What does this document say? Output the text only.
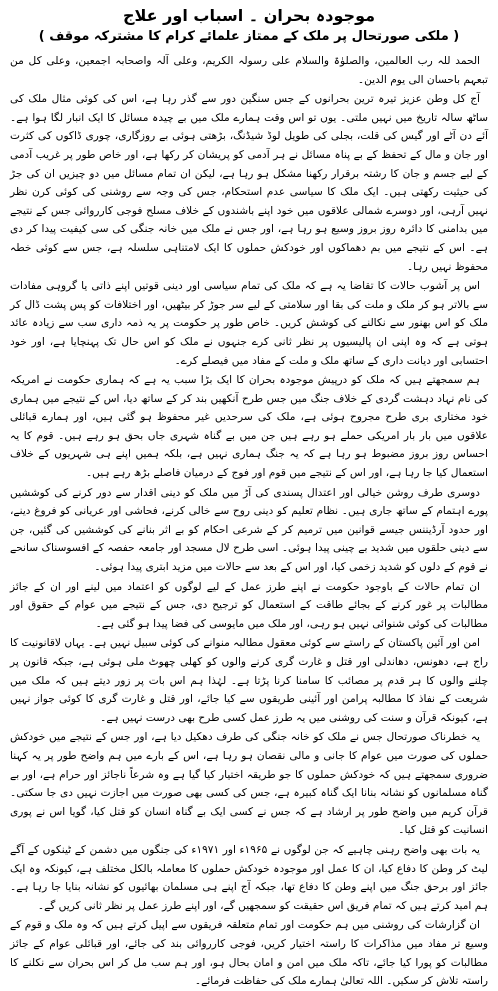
موجودہ بحران ۔ اسباب اور علاج
( ملکی صورتحال پر ملک کے ممتاز علمائے کرام کا مشترکہ موقف )

الحمد للہ رب العالمین، والصلوٰۃ والسلام علی رسولہ الکریم، وعلی آلہ واصحابہ اجمعین، وعلی کل من تبعہم باحسان الی یوم الدین۔

آج کل وطن عزیز تیرہ ترین بحرانوں کے جس سنگین دور سے گذر رہا ہے، اس کی کوئی مثال ملک کی ساٹھ سالہ تاریخ میں نہیں ملتی۔ یوں تو اس وقت ہمارے ملک میں بے چیدہ مسائل کا ایک انبار لگا ہوا ہے۔ آئے دن آٹے اور گیس کی قلت، بجلی کی طویل لوڈ شیڈنگ، بڑھتی ہوئی بے روزگاری، چوری ڈاکوں کی کثرت اور جان و مال کے تحفظ کے بے پناہ مسائل نے ہر آدمی کو پریشان کر رکھا ہے، اور خاص طور پر غریب آدمی کے لیے جسم و جان کا رشتہ برقرار رکھنا مشکل ہو رہا ہے، لیکن ان تمام مسائل میں دو چیزیں ان کی جڑ کی حیثیت رکھتی ہیں۔ ایک ملک کا سیاسی عدم استحکام، جس کی وجہ سے روشنی کی کوئی کرن نظر نہیں آرہی، اور دوسرے شمالی علاقوں میں خود اپنے باشندوں کے خلاف مسلح فوجی کارروائی جس کے نتیجے میں بدامنی کا دائرہ روز بروز وسیع ہو رہا ہے، اور جس نے ملک میں خانہ جنگی کی سی کیفیت پیدا کر دی ہے۔ اس کے نتیجے میں بم دھماکوں اور خودکش حملوں کا ایک لامتناہی سلسلہ ہے، جس سے کوئی خطہ محفوظ نہیں رہا۔

اس پر آشوب حالات کا تقاضا یہ ہے کہ ملک کی تمام سیاسی اور دینی قوتیں اپنے ذاتی یا گروہی مفادات سے بالاتر ہو کر ملک و ملت کی بقا اور سلامتی کے لیے سر جوڑ کر بیٹھیں، اور اختلافات کو پس پشت ڈال کر ملک کو اس بھنور سے نکالنے کی کوشش کریں۔ خاص طور پر حکومت پر یہ ذمہ داری سب سے زیادہ عائد ہوتی ہے کہ وہ اپنی ان پالیسیوں پر نظر ثانی کرے جنہوں نے ملک کو اس حال تک پہنچایا ہے، اور خود احتسابی اور دیانت داری کے ساتھ ملک و ملت کے مفاد میں فیصلے کرے۔

ہم سمجھتے ہیں کہ ملک کو درپیش موجودہ بحران کا ایک بڑا سبب یہ ہے کہ ہماری حکومت نے امریکہ کی نام نہاد دہشت گردی کے خلاف جنگ میں جس طرح آنکھیں بند کر کے ساتھ دیا، اس کے نتیجے میں ہماری خود مختاری بری طرح مجروح ہوئی ہے، ملک کی سرحدیں غیر محفوظ ہو گئی ہیں، اور ہمارے قبائلی علاقوں میں بار بار امریکی حملے ہو رہے ہیں جن میں بے گناہ شہری جاں بحق ہو رہے ہیں۔ قوم کا یہ احساس روز بروز مضبوط ہو رہا ہے کہ یہ جنگ ہماری نہیں ہے، بلکہ ہمیں اپنے ہی شہریوں کے خلاف استعمال کیا جا رہا ہے، اور اس کے نتیجے میں قوم اور فوج کے درمیان فاصلے بڑھ رہے ہیں۔

دوسری طرف روشن خیالی اور اعتدال پسندی کی آڑ میں ملک کو دینی اقدار سے دور کرنے کی کوششیں پورے اہتمام کے ساتھ جاری ہیں۔ نظام تعلیم کو دینی روح سے خالی کرنے، فحاشی اور عریانی کو فروغ دینے، اور حدود آرڈیننس جیسے قوانین میں ترمیم کر کے شرعی احکام کو بے اثر بنانے کی کوششیں کی گئیں، جن سے دینی حلقوں میں شدید بے چینی پیدا ہوئی۔ اسی طرح لال مسجد اور جامعہ حفصہ کے افسوسناک سانحے نے قوم کے دلوں کو شدید زخمی کیا، اور اس کے بعد سے حالات میں مزید ابتری پیدا ہوئی۔

ان تمام حالات کے باوجود حکومت نے اپنے طرز عمل کے لیے لوگوں کو اعتماد میں لینے اور ان کے جائز مطالبات پر غور کرنے کے بجائے طاقت کے استعمال کو ترجیح دی، جس کے نتیجے میں عوام کے حقوق اور مطالبات کی کوئی شنوائی نہیں ہو رہی، اور ملک میں مایوسی کی فضا پیدا ہو گئی ہے۔

امن اور آئین پاکستان کے راستے سے کوئی معقول مطالبہ منوانے کی کوئی سبیل نہیں ہے۔ یہاں لاقانونیت کا راج ہے، دھونس، دھاندلی اور قتل و غارت گری کرنے والوں کو کھلی چھوٹ ملی ہوئی ہے، جبکہ قانون پر چلنے والوں کا ہر قدم پر مصائب کا سامنا کرنا پڑتا ہے۔ لہٰذا ہم اس بات پر زور دیتے ہیں کہ ملک میں شریعت کے نفاذ کا مطالبہ پرامن اور آئینی طریقوں سے کیا جائے، اور قتل و غارت گری کا کوئی جواز نہیں ہے، کیونکہ قرآن و سنت کی روشنی میں یہ طرز عمل کسی طرح بھی درست نہیں ہے۔

یہ خطرناک صورتحال جس نے ملک کو خانہ جنگی کی طرف دھکیل دیا ہے، اور جس کے نتیجے میں خودکش حملوں کی صورت میں عوام کا جانی و مالی نقصان ہو رہا ہے، اس کے بارے میں ہم واضح طور پر یہ کہنا ضروری سمجھتے ہیں کہ خودکش حملوں کا جو طریقہ اختیار کیا گیا ہے وہ شرعاً ناجائز اور حرام ہے، اور بے گناہ مسلمانوں کو نشانہ بنانا ایک گناہ کبیرہ ہے، جس کی کسی بھی صورت میں اجازت نہیں دی جا سکتی۔ قرآن کریم میں واضح طور پر ارشاد ہے کہ جس نے کسی ایک بے گناہ انسان کو قتل کیا، گویا اس نے پوری انسانیت کو قتل کیا۔

یہ بات بھی واضح رہنی چاہیے کہ جن لوگوں نے ۱۹۶۵ء اور ۱۹۷۱ء کی جنگوں میں دشمن کے ٹینکوں کے آگے لیٹ کر وطن کا دفاع کیا، ان کا عمل اور موجودہ خودکش حملوں کا معاملہ بالکل مختلف ہے، کیونکہ وہ ایک جائز اور برحق جنگ میں اپنے وطن کا دفاع تھا، جبکہ آج اپنے ہی مسلمان بھائیوں کو نشانہ بنایا جا رہا ہے۔ ہم امید کرتے ہیں کہ تمام فریق اس حقیقت کو سمجھیں گے، اور اپنے طرز عمل پر نظر ثانی کریں گے۔

ان گزارشات کی روشنی میں ہم حکومت اور تمام متعلقہ فریقوں سے اپیل کرتے ہیں کہ وہ ملک و قوم کے وسیع تر مفاد میں مذاکرات کا راستہ اختیار کریں، فوجی کارروائی بند کی جائے، اور قبائلی عوام کے جائز مطالبات کو پورا کیا جائے، تاکہ ملک میں امن و امان بحال ہو، اور ہم سب مل کر اس بحران سے نکلنے کا راستہ تلاش کر سکیں۔ اللہ تعالیٰ ہمارے ملک کی حفاظت فرمائے۔
